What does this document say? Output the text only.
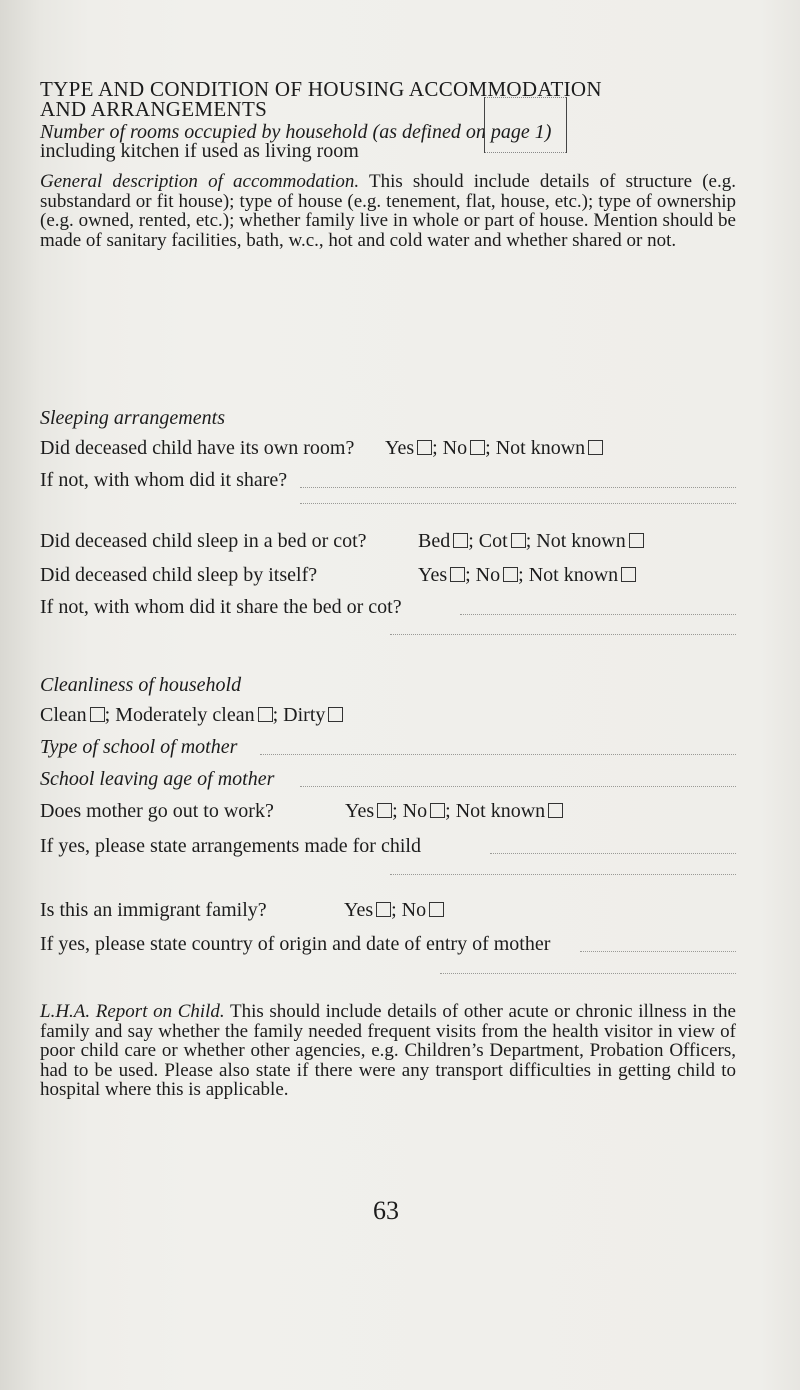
TYPE AND CONDITION OF HOUSING ACCOMMODATION
AND ARRANGEMENTS
Number of rooms occupied by household (as defined on page 1)
including kitchen if used as living room
General description of accommodation. This should include details of structure (e.g. substandard or fit house); type of house (e.g. tenement, flat, house, etc.); type of ownership (e.g. owned, rented, etc.); whether family live in whole or part of house. Mention should be made of sanitary facilities, bath, w.c., hot and cold water and whether shared or not.
Sleeping arrangements
Did deceased child have its own room? Yes ; No ; Not known
If not, with whom did it share?
Did deceased child sleep in a bed or cot?	Bed ; Cot ; Not known
Did deceased child sleep by itself?	Yes ; No ; Not known
If not, with whom did it share the bed or cot?
Cleanliness of household
Clean ; Moderately clean ; Dirty
Type of school of mother
School leaving age of mother
Does mother go out to work?	Yes ; No ; Not known
If yes, please state arrangements made for child
Is this an immigrant family?	Yes ; No
If yes, please state country of origin and date of entry of mother
L.H.A. Report on Child. This should include details of other acute or chronic illness in the family and say whether the family needed frequent visits from the health visitor in view of poor child care or whether other agencies, e.g. Children’s Department, Probation Officers, had to be used. Please also state if there were any transport difficulties in getting child to hospital where this is applicable.
63
